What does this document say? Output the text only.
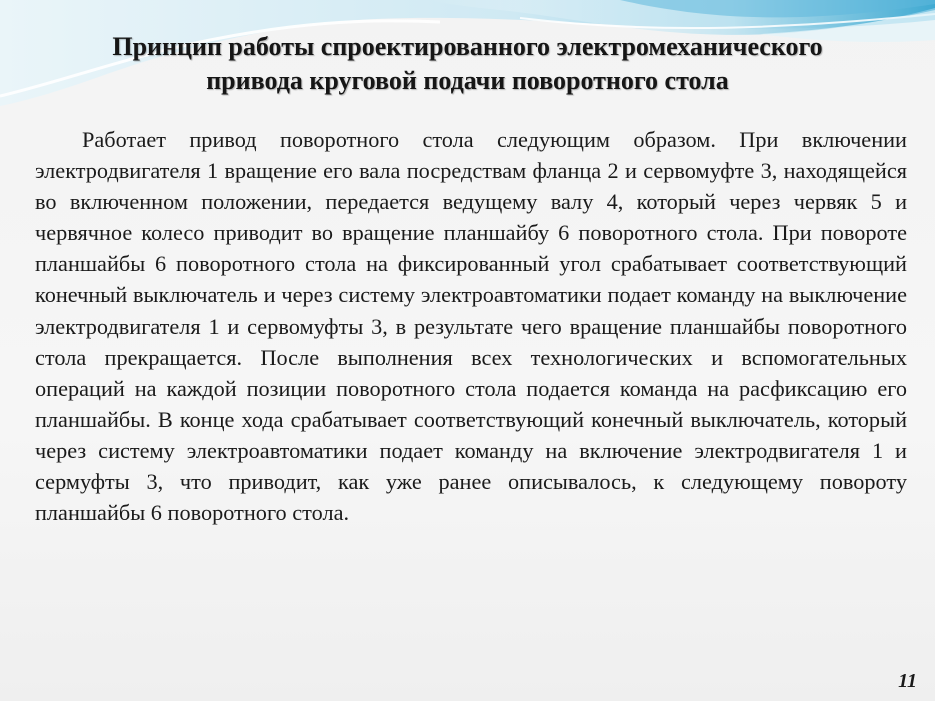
Принцип работы спроектированного электромеханического
привода круговой подачи поворотного стола
Работает привод поворотного стола следующим образом. При включении электродвигателя 1 вращение его вала посредствам фланца 2 и сервомуфте 3, находящейся во включенном положении, передается ведущему валу 4, который через червяк 5 и червячное колесо приводит во вращение планшайбу 6 поворотного стола. При повороте планшайбы 6 поворотного стола на фиксированный угол срабатывает соответствующий конечный выключатель и через систему электроавтоматики подает команду на выключение электродвигателя 1 и сервомуфты 3, в результате чего вращение планшайбы поворотного стола прекращается. После выполнения всех технологических и вспомогательных операций на каждой позиции поворотного стола подается команда на расфиксацию его планшайбы. В конце хода срабатывает соответствующий конечный выключатель, который через систему электроавтоматики подает команду на включение электродвигателя 1 и сермуфты 3, что приводит, как уже ранее описывалось, к следующему повороту планшайбы 6 поворотного стола.
11
